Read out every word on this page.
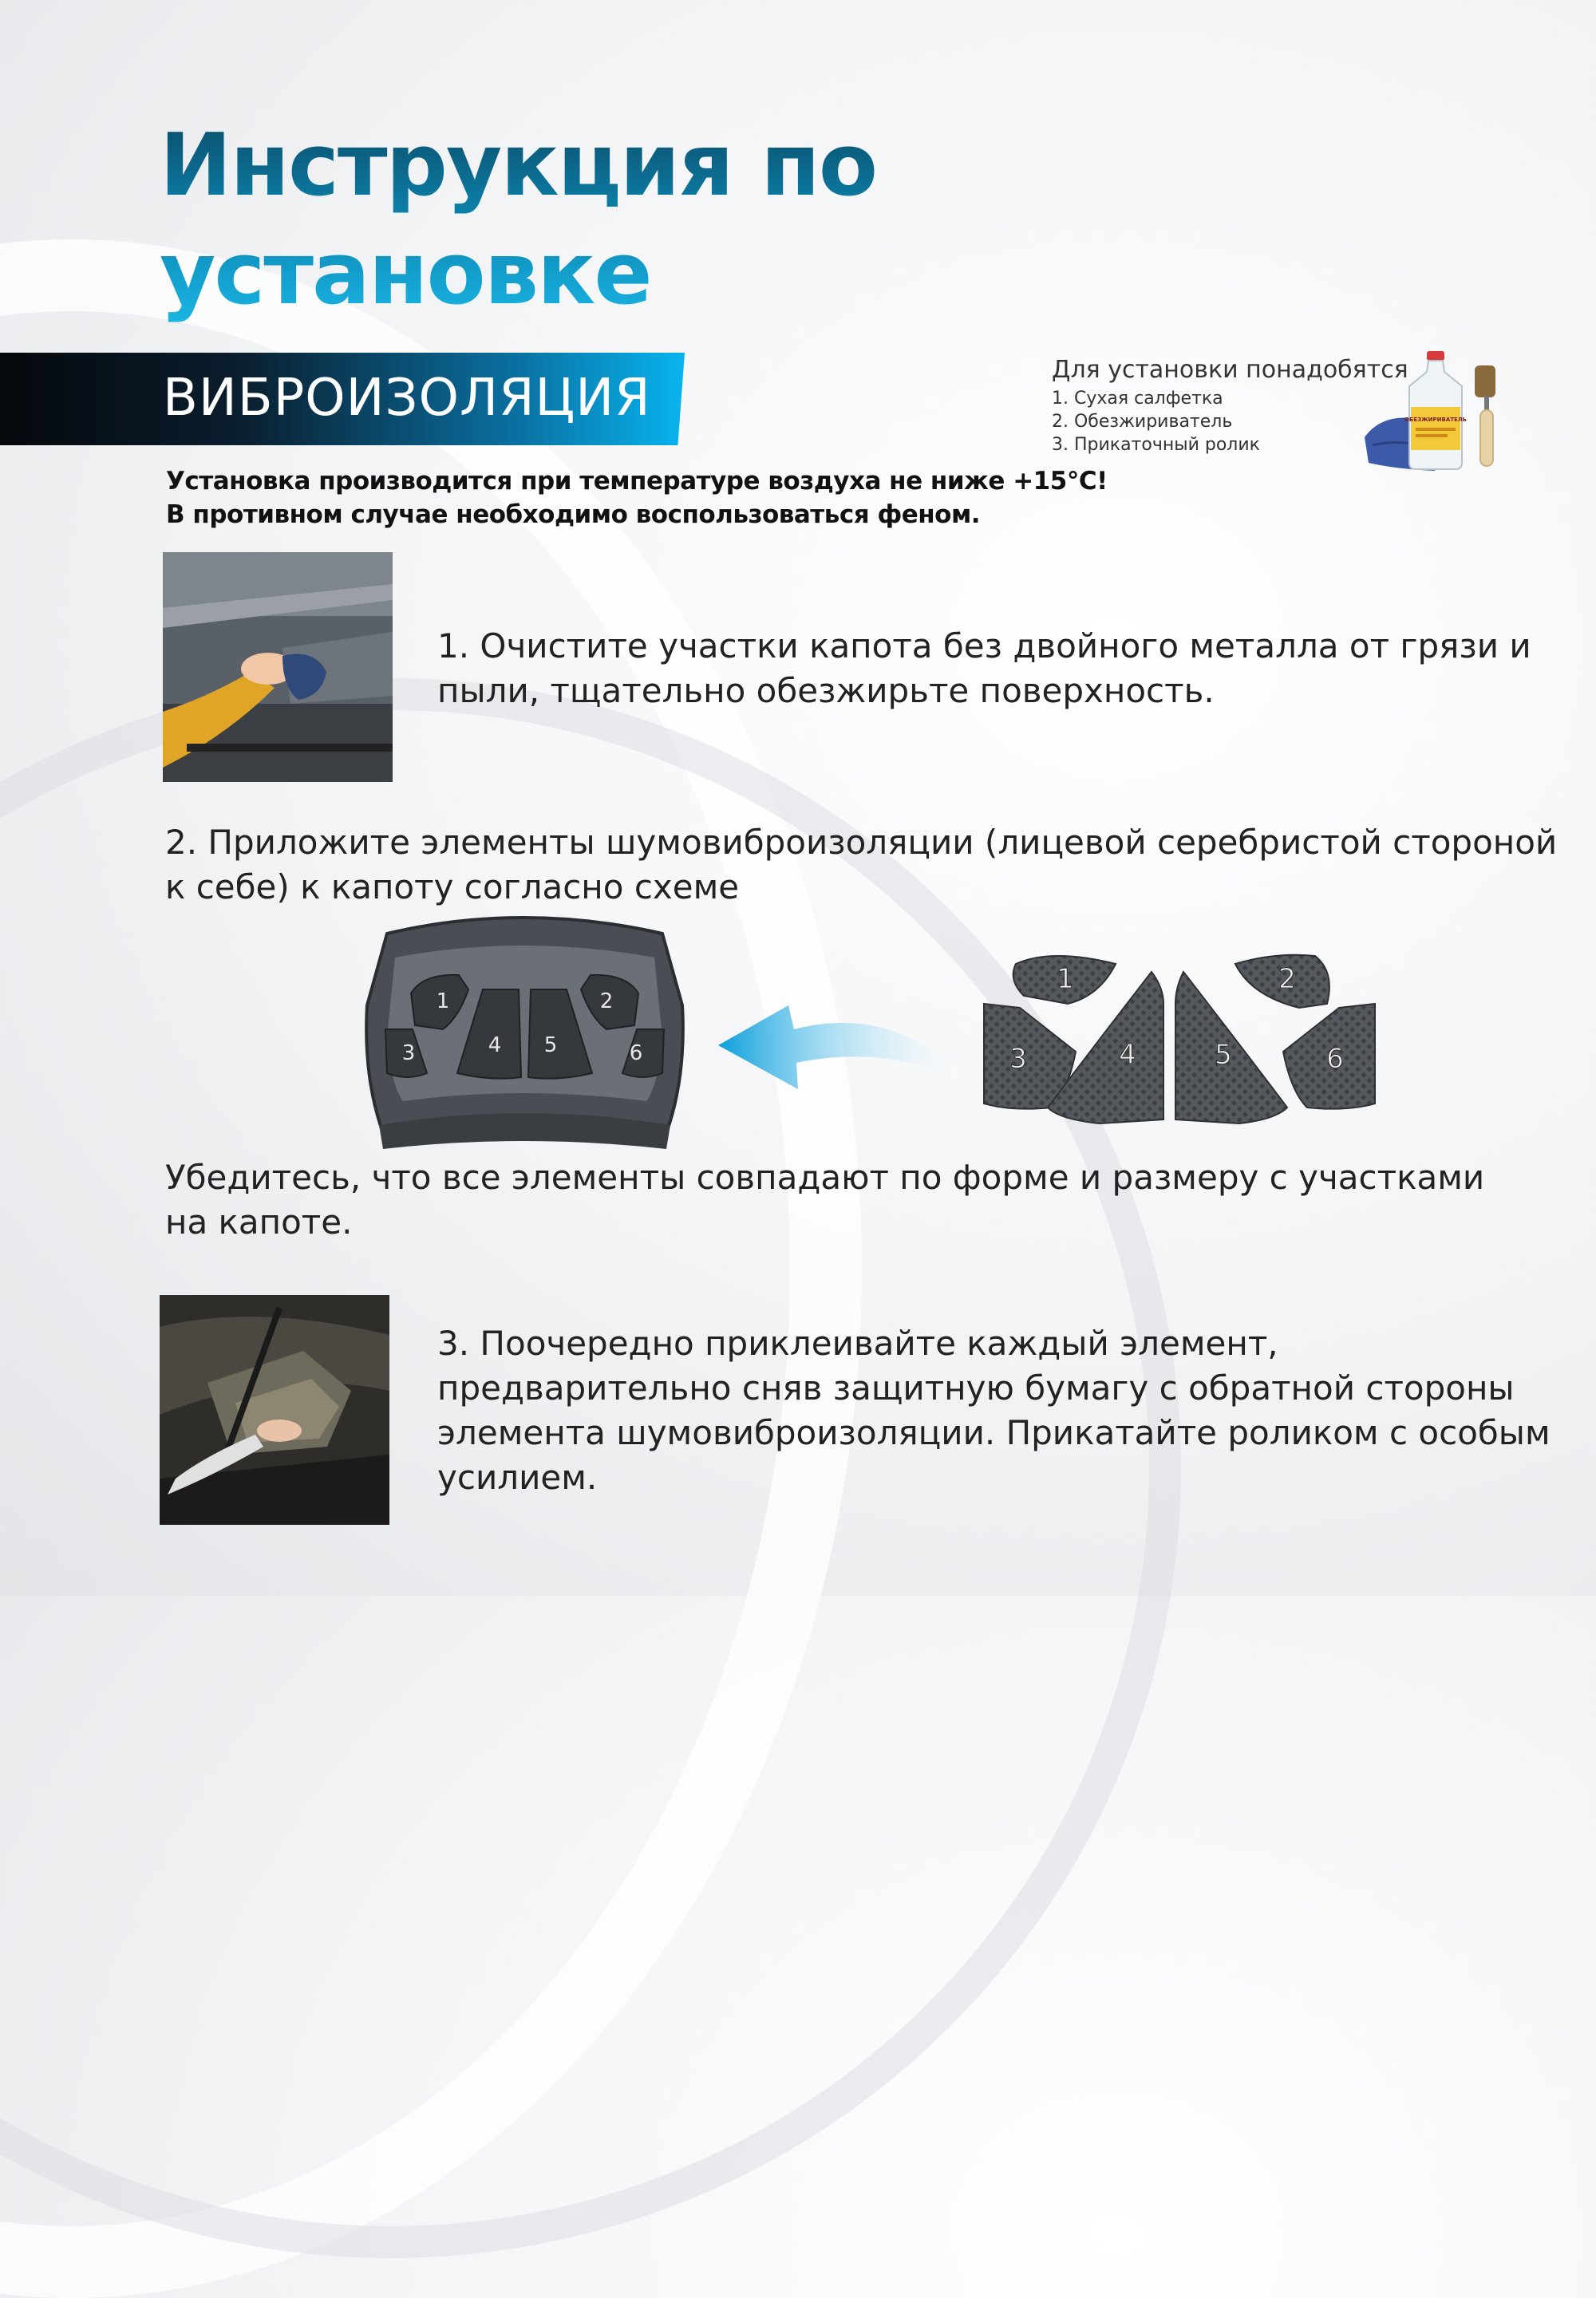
Инструкция по
установке
ВИБРОИЗОЛЯЦИЯ	Для установки понадобятся

1. Сухая салфетка
2. Обезжириватель
3. Прикаточный ролик
ОБЕЗЖИРИВАТЕЛЬ
Установка производится при температуре воздуха не ниже +15°С!
В противном случае необходимо воспользоваться феном.

1. Очистите участки капота без двойного металла от грязи и пыли, тщательно обезжирьте поверхность.

2. Приложите элементы шумовиброизоляции (лицевой серебристой стороной к себе) к капоту согласно схеме

1	2
3	4 5	6
1	2
3	4	5	6

Убедитесь, что все элементы совпадают по форме и размеру с участками на капоте.

3. Поочередно приклеивайте каждый элемент, предварительно сняв защитную бумагу с обратной стороны элемента шумовиброизоляции. Прикатайте роликом с особым усилием.
